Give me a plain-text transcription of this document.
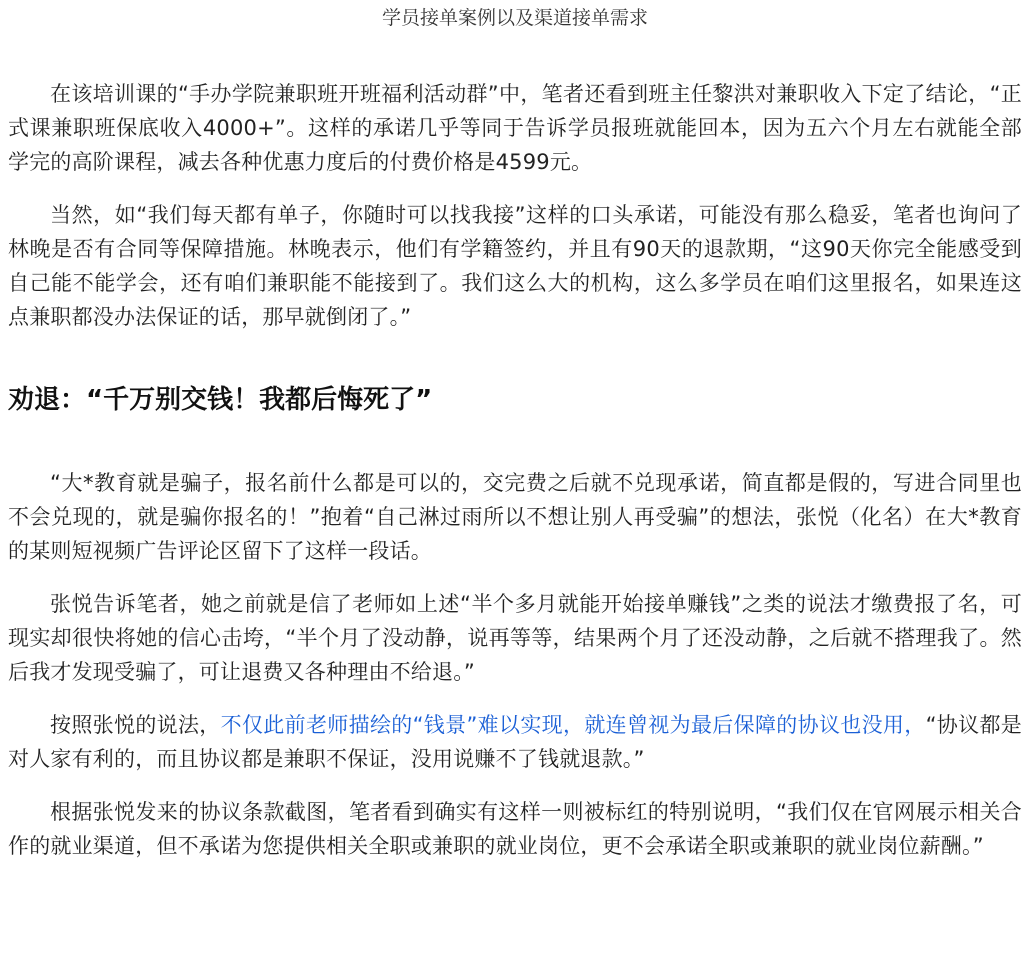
学员接单案例以及渠道接单需求

在该培训课的“手办学院兼职班开班福利活动群”中，笔者还看到班主任黎洪对兼职收入下定了结论，“正式课兼职班保底收入4000+”。这样的承诺几乎等同于告诉学员报班就能回本，因为五六个月左右就能全部学完的高阶课程，减去各种优惠力度后的付费价格是4599元。

当然，如“我们每天都有单子，你随时可以找我接”这样的口头承诺，可能没有那么稳妥，笔者也询问了林晚是否有合同等保障措施。林晚表示，他们有学籍签约，并且有90天的退款期，“这90天你完全能感受到自己能不能学会，还有咱们兼职能不能接到了。我们这么大的机构，这么多学员在咱们这里报名，如果连这点兼职都没办法保证的话，那早就倒闭了。”

劝退：“千万别交钱！我都后悔死了”

“大*教育就是骗子，报名前什么都是可以的，交完费之后就不兑现承诺，简直都是假的，写进合同里也不会兑现的，就是骗你报名的！”抱着“自己淋过雨所以不想让别人再受骗”的想法，张悦（化名）在大*教育的某则短视频广告评论区留下了这样一段话。

张悦告诉笔者，她之前就是信了老师如上述“半个多月就能开始接单赚钱”之类的说法才缴费报了名，可现实却很快将她的信心击垮，“半个月了没动静，说再等等，结果两个月了还没动静，之后就不搭理我了。然后我才发现受骗了，可让退费又各种理由不给退。”

按照张悦的说法，不仅此前老师描绘的“钱景”难以实现，就连曾视为最后保障的协议也没用，“协议都是对人家有利的，而且协议都是兼职不保证，没用说赚不了钱就退款。”

根据张悦发来的协议条款截图，笔者看到确实有这样一则被标红的特别说明，“我们仅在官网展示相关合作的就业渠道，但不承诺为您提供相关全职或兼职的就业岗位，更不会承诺全职或兼职的就业岗位薪酬。”
